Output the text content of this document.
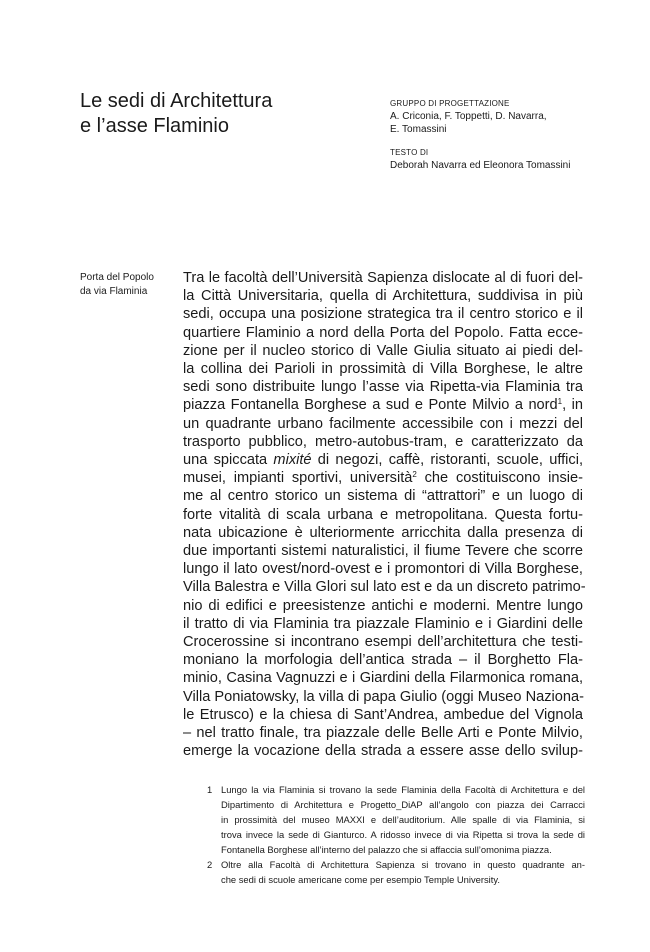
Le sedi di Architettura
e l’asse Flaminio
GRUPPO DI PROGETTAZIONE
A. Criconia, F. Toppetti, D. Navarra,
E. Tomassini
TESTO DI
Deborah Navarra ed Eleonora Tomassini
Porta del Popolo
da via Flaminia
Tra le facoltà dell’Università Sapienza dislocate al di fuori del-
la Città Universitaria, quella di Architettura, suddivisa in più
sedi, occupa una posizione strategica tra il centro storico e il
quartiere Flaminio a nord della Porta del Popolo. Fatta ecce-
zione per il nucleo storico di Valle Giulia situato ai piedi del-
la collina dei Parioli in prossimità di Villa Borghese, le altre
sedi sono distribuite lungo l’asse via Ripetta-via Flaminia tra
piazza Fontanella Borghese a sud e Ponte Milvio a nord$^1$, in
un quadrante urbano facilmente accessibile con i mezzi del
trasporto pubblico, metro-autobus-tram, e caratterizzato da
una spiccata mixité di negozi, caffè, ristoranti, scuole, uffici,
musei, impianti sportivi, università$^2$ che costituiscono insie-
me al centro storico un sistema di “attrattori” e un luogo di
forte vitalità di scala urbana e metropolitana. Questa fortu-
nata ubicazione è ulteriormente arricchita dalla presenza di
due importanti sistemi naturalistici, il fiume Tevere che scorre
lungo il lato ovest/nord-ovest e i promontori di Villa Borghese,
Villa Balestra e Villa Glori sul lato est e da un discreto patrimo-
nio di edifici e preesistenze antichi e moderni. Mentre lungo
il tratto di via Flaminia tra piazzale Flaminio e i Giardini delle
Crocerossine si incontrano esempi dell’architettura che testi-
moniano la morfologia dell’antica strada – il Borghetto Fla-
minio, Casina Vagnuzzi e i Giardini della Filarmonica romana,
Villa Poniatowsky, la villa di papa Giulio (oggi Museo Naziona-
le Etrusco) e la chiesa di Sant’Andrea, ambedue del Vignola
– nel tratto finale, tra piazzale delle Belle Arti e Ponte Milvio,
emerge la vocazione della strada a essere asse dello svilup-
1 Lungo la via Flaminia si trovano la sede Flaminia della Facoltà di Architettura e del
Dipartimento di Architettura e Progetto_DiAP all’angolo con piazza dei Carracci
in prossimità del museo MAXXI e dell’auditorium. Alle spalle di via Flaminia, si
trova invece la sede di Gianturco. A ridosso invece di via Ripetta si trova la sede di
Fontanella Borghese all’interno del palazzo che si affaccia sull’omonima piazza.
2 Oltre alla Facoltà di Architettura Sapienza si trovano in questo quadrante an-
che sedi di scuole americane come per esempio Temple University.
